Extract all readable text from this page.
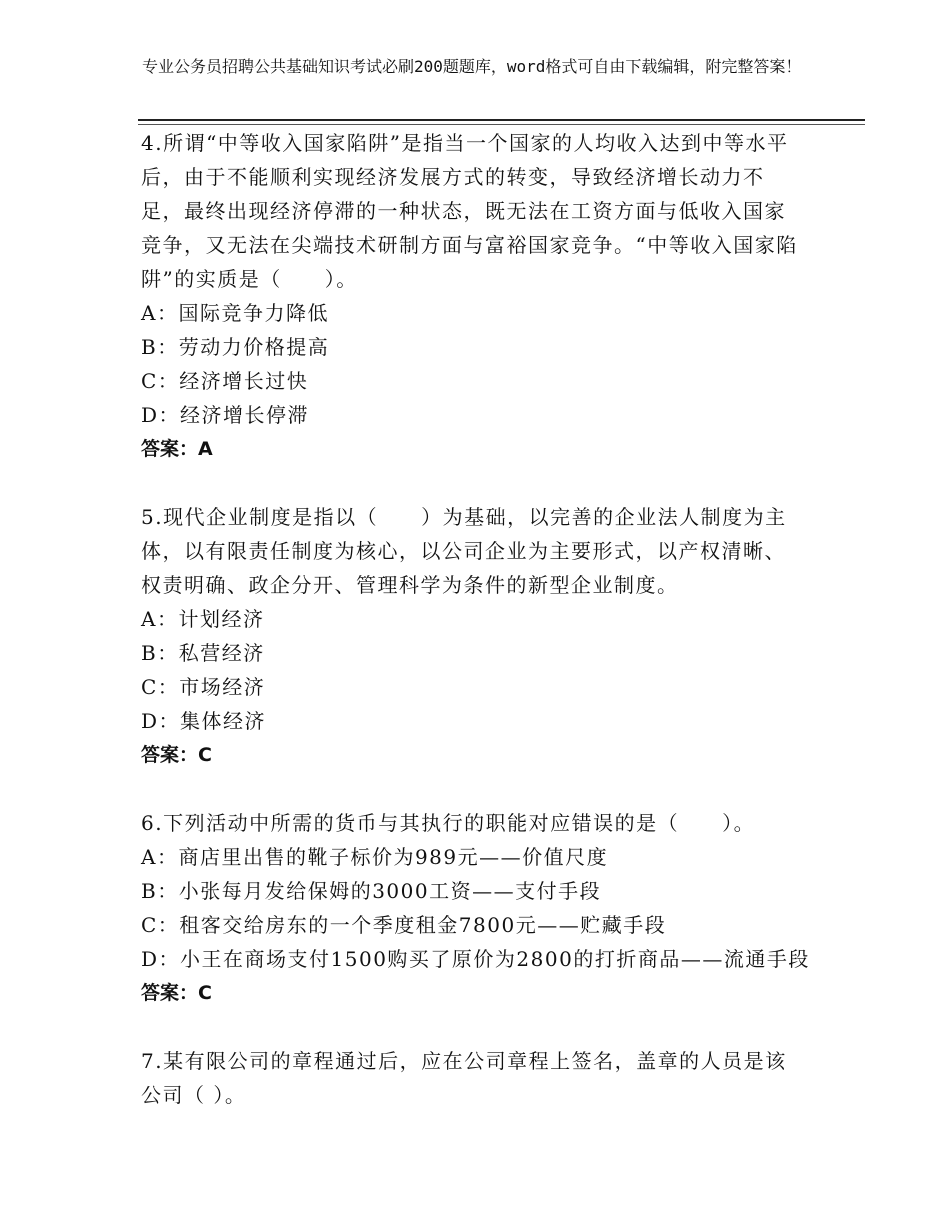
专业公务员招聘公共基础知识考试必刷200题题库，word格式可自由下载编辑，附完整答案！

4.所谓“中等收入国家陷阱”是指当一个国家的人均收入达到中等水平后，由于不能顺利实现经济发展方式的转变，导致经济增长动力不足，最终出现经济停滞的一种状态，既无法在工资方面与低收入国家竞争，又无法在尖端技术研制方面与富裕国家竞争。“中等收入国家陷阱”的实质是（　　）。

A：国际竞争力降低

B：劳动力价格提高

C：经济增长过快

D：经济增长停滞

答案：A

5.现代企业制度是指以（　　）为基础，以完善的企业法人制度为主体，以有限责任制度为核心，以公司企业为主要形式，以产权清晰、权责明确、政企分开、管理科学为条件的新型企业制度。

A：计划经济

B：私营经济

C：市场经济

D：集体经济

答案：C

6.下列活动中所需的货币与其执行的职能对应错误的是（　　）。

A：商店里出售的靴子标价为989元——价值尺度

B：小张每月发给保姆的3000工资——支付手段

C：租客交给房东的一个季度租金7800元——贮藏手段

D：小王在商场支付1500购买了原价为2800的打折商品——流通手段

答案：C

7.某有限公司的章程通过后，应在公司章程上签名，盖章的人员是该公司（ ）。
